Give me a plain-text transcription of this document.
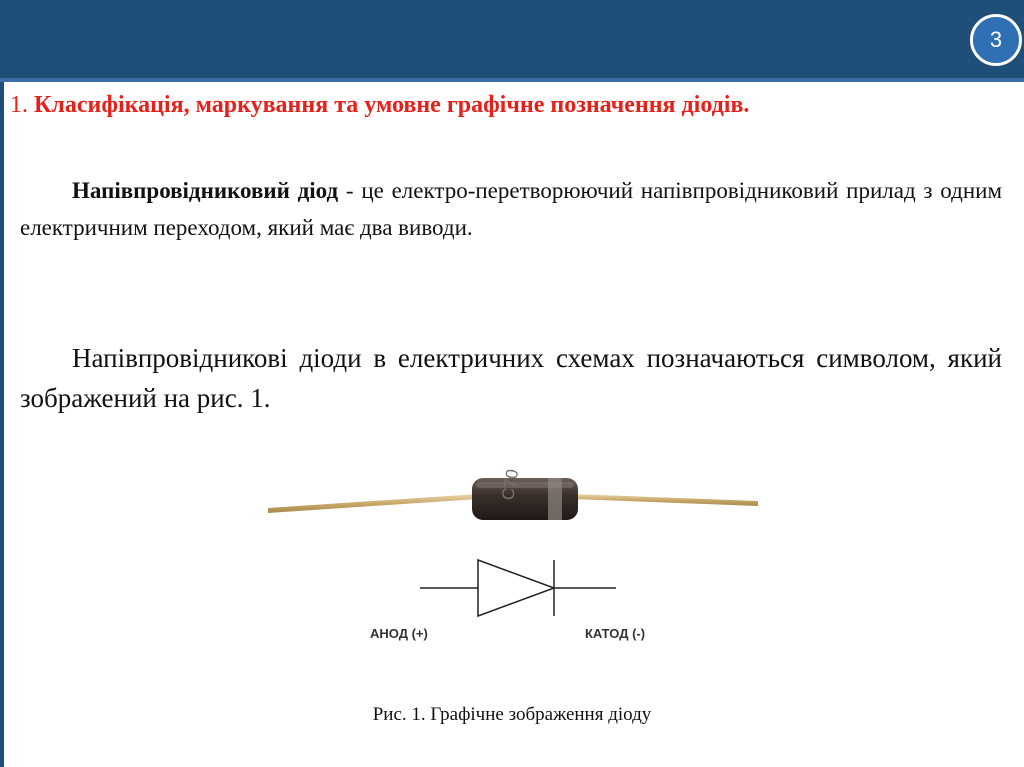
3
1. Класифікація, маркування та умовне графічне позначення діодів.
Напівпровідниковий діод - це електро-перетворюючий напівпровідниковий прилад з одним електричним переходом, який має два виводи.
Напівпровідникові діоди в електричних схемах позначаються символом, який зображений на рис. 1.
C70
АНОД (+)	КАТОД (-)
Рис. 1. Графічне зображення діоду
